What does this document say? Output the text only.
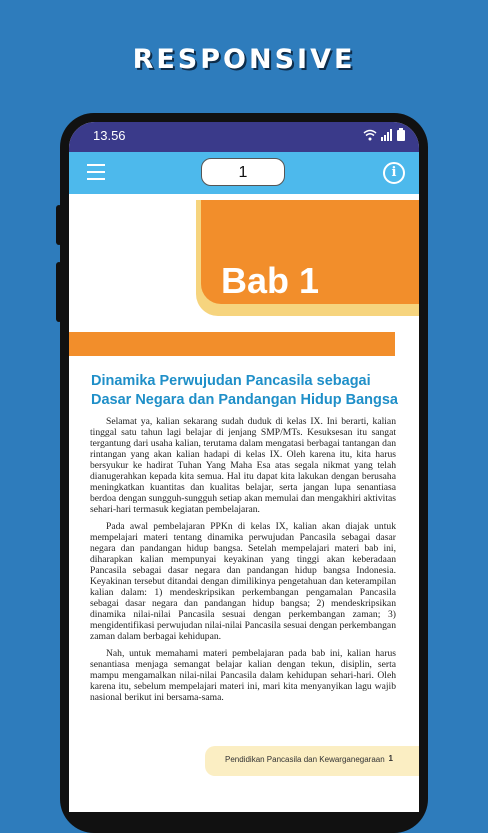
RESPONSIVE
13.56
1	i
Bab 1
Dinamika Perwujudan Pancasila sebagai Dasar Negara dan Pandangan Hidup Bangsa

Selamat ya, kalian sekarang sudah duduk di kelas IX. Ini berarti, kalian tinggal satu tahun lagi belajar di jenjang SMP/MTs. Kesuksesan itu sangat tergantung dari usaha kalian, terutama dalam mengatasi berbagai tantangan dan rintangan yang akan kalian hadapi di kelas IX. Oleh karena itu, kita harus bersyukur ke hadirat Tuhan Yang Maha Esa atas segala nikmat yang telah dianugerahkan kepada kita semua. Hal itu dapat kita lakukan dengan berusaha meningkatkan kuantitas dan kualitas belajar, serta jangan lupa senantiasa berdoa dengan sungguh-sungguh setiap akan memulai dan mengakhiri aktivitas sehari-hari termasuk kegiatan pembelajaran.

Pada awal pembelajaran PPKn di kelas IX, kalian akan diajak untuk mempelajari materi tentang dinamika perwujudan Pancasila sebagai dasar negara dan pandangan hidup bangsa. Setelah mempelajari materi bab ini, diharapkan kalian mempunyai keyakinan yang tinggi akan keberadaan Pancasila sebagai dasar negara dan pandangan hidup bangsa Indonesia. Keyakinan tersebut ditandai dengan dimilikinya pengetahuan dan keterampilan kalian dalam: 1) mendeskripsikan perkembangan pengamalan Pancasila sebagai dasar negara dan pandangan hidup bangsa; 2) mendeskripsikan dinamika nilai-nilai Pancasila sesuai dengan perkembangan zaman; 3) mengidentifikasi perwujudan nilai-nilai Pancasila sesuai dengan perkembangan zaman dalam berbagai kehidupan.

Nah, untuk memahami materi pembelajaran pada bab ini, kalian harus senantiasa menjaga semangat belajar kalian dengan tekun, disiplin, serta mampu mengamalkan nilai-nilai Pancasila dalam kehidupan sehari-hari. Oleh karena itu, sebelum mempelajari materi ini, mari kita menyanyikan lagu wajib nasional berikut ini bersama-sama.

Pendidikan Pancasila dan Kewarganegaraan 1
